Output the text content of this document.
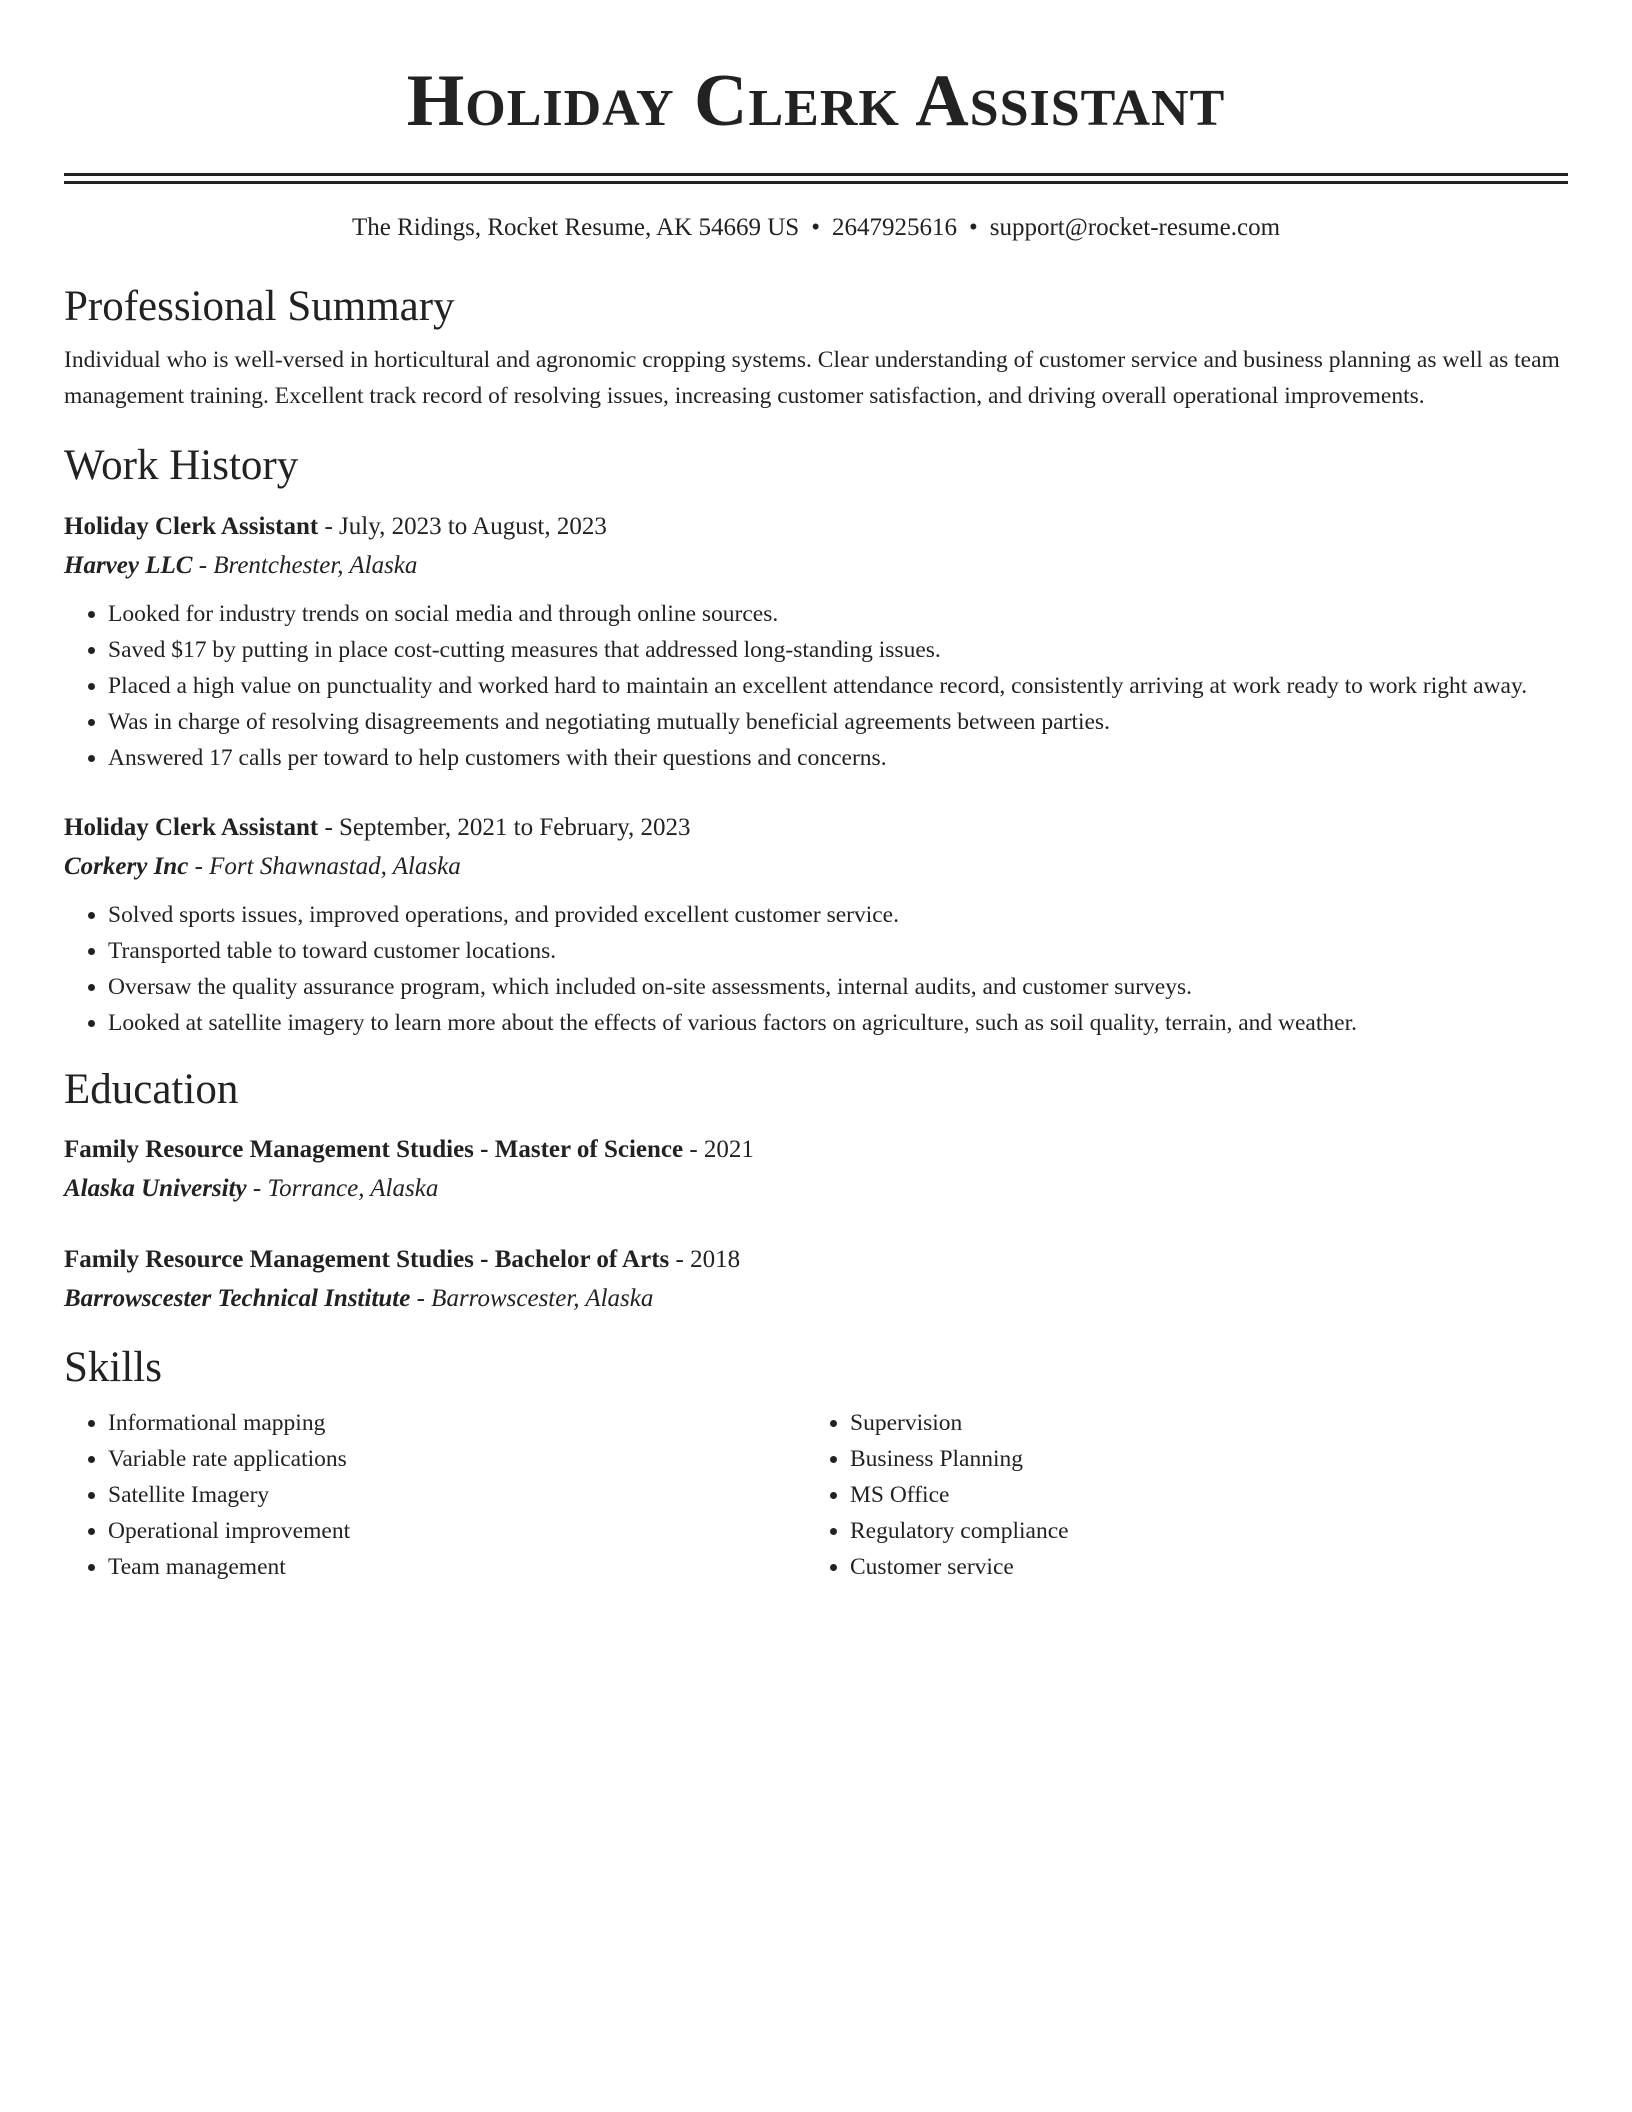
Holiday Clerk Assistant
The Ridings, Rocket Resume, AK 54669 US • 2647925616 • support@rocket-resume.com
Professional Summary

Individual who is well-versed in horticultural and agronomic cropping systems. Clear understanding of customer service and business planning as well as team management training. Excellent track record of resolving issues, increasing customer satisfaction, and driving overall operational improvements.

Work History
Holiday Clerk Assistant - July, 2023 to August, 2023
Harvey LLC - Brentchester, Alaska
• Looked for industry trends on social media and through online sources.
• Saved $17 by putting in place cost-cutting measures that addressed long-standing issues.
• Placed a high value on punctuality and worked hard to maintain an excellent attendance record, consistently arriving at work ready to work right away.
• Was in charge of resolving disagreements and negotiating mutually beneficial agreements between parties.
• Answered 17 calls per toward to help customers with their questions and concerns.
Holiday Clerk Assistant - September, 2021 to February, 2023
Corkery Inc - Fort Shawnastad, Alaska
• Solved sports issues, improved operations, and provided excellent customer service.
• Transported table to toward customer locations.
• Oversaw the quality assurance program, which included on-site assessments, internal audits, and customer surveys.
• Looked at satellite imagery to learn more about the effects of various factors on agriculture, such as soil quality, terrain, and weather.
Education
Family Resource Management Studies - Master of Science - 2021
Alaska University - Torrance, Alaska
Family Resource Management Studies - Bachelor of Arts - 2018
Barrowscester Technical Institute - Barrowscester, Alaska
Skills
• Informational mapping
• Variable rate applications
• Satellite Imagery
• Operational improvement
• Team management
• Supervision
• Business Planning
• MS Office
• Regulatory compliance
• Customer service
